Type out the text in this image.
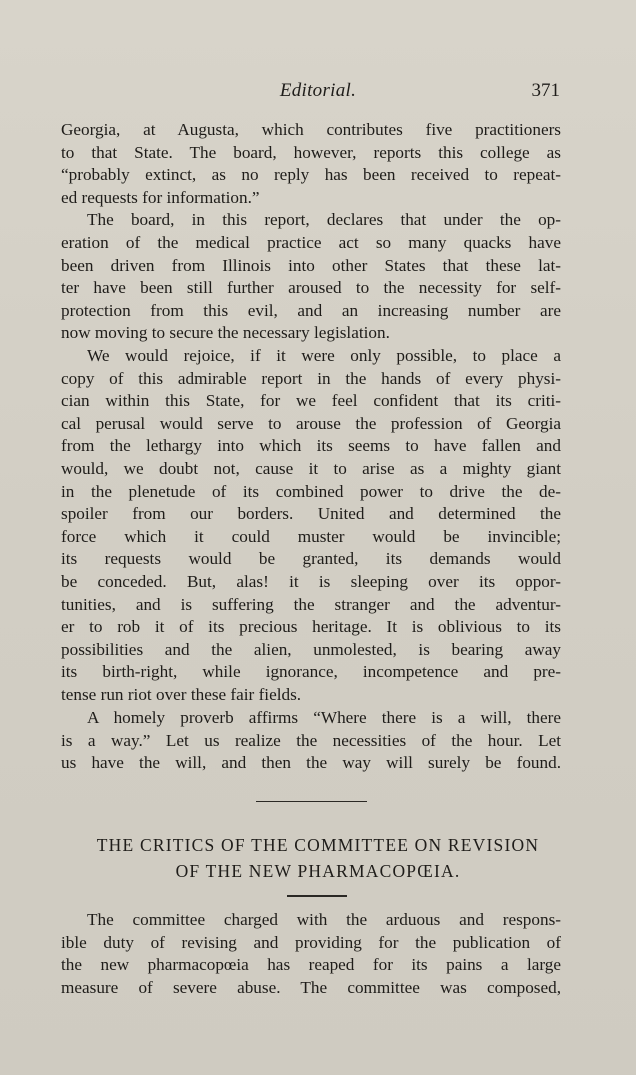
Editorial.	371
Georgia, at Augusta, which contributes five practitioners
to that State. The board, however, reports this college as
“probably extinct, as no reply has been received to repeat-
ed requests for information.”
The board, in this report, declares that under the op-
eration of the medical practice act so many quacks have
been driven from Illinois into other States that these lat-
ter have been still further aroused to the necessity for self-
protection from this evil, and an increasing number are
now moving to secure the necessary legislation.
We would rejoice, if it were only possible, to place a
copy of this admirable report in the hands of every physi-
cian within this State, for we feel confident that its criti-
cal perusal would serve to arouse the profession of Georgia
from the lethargy into which its seems to have fallen and
would, we doubt not, cause it to arise as a mighty giant
in the plenetude of its combined power to drive the de-
spoiler from our borders. United and determined the
force which it could muster would be invincible;
its requests would be granted, its demands would
be conceded. But, alas! it is sleeping over its oppor-
tunities, and is suffering the stranger and the adventur-
er to rob it of its precious heritage. It is oblivious to its
possibilities and the alien, unmolested, is bearing away
its birth-right, while ignorance, incompetence and pre-
tense run riot over these fair fields.
A homely proverb affirms “Where there is a will, there
is a way.” Let us realize the necessities of the hour. Let
us have the will, and then the way will surely be found.
THE CRITICS OF THE COMMITTEE ON REVISION
OF THE NEW PHARMACOPŒIA.
The committee charged with the arduous and respons-
ible duty of revising and providing for the publication of
the new pharmacopœia has reaped for its pains a large
measure of severe abuse. The committee was composed,
